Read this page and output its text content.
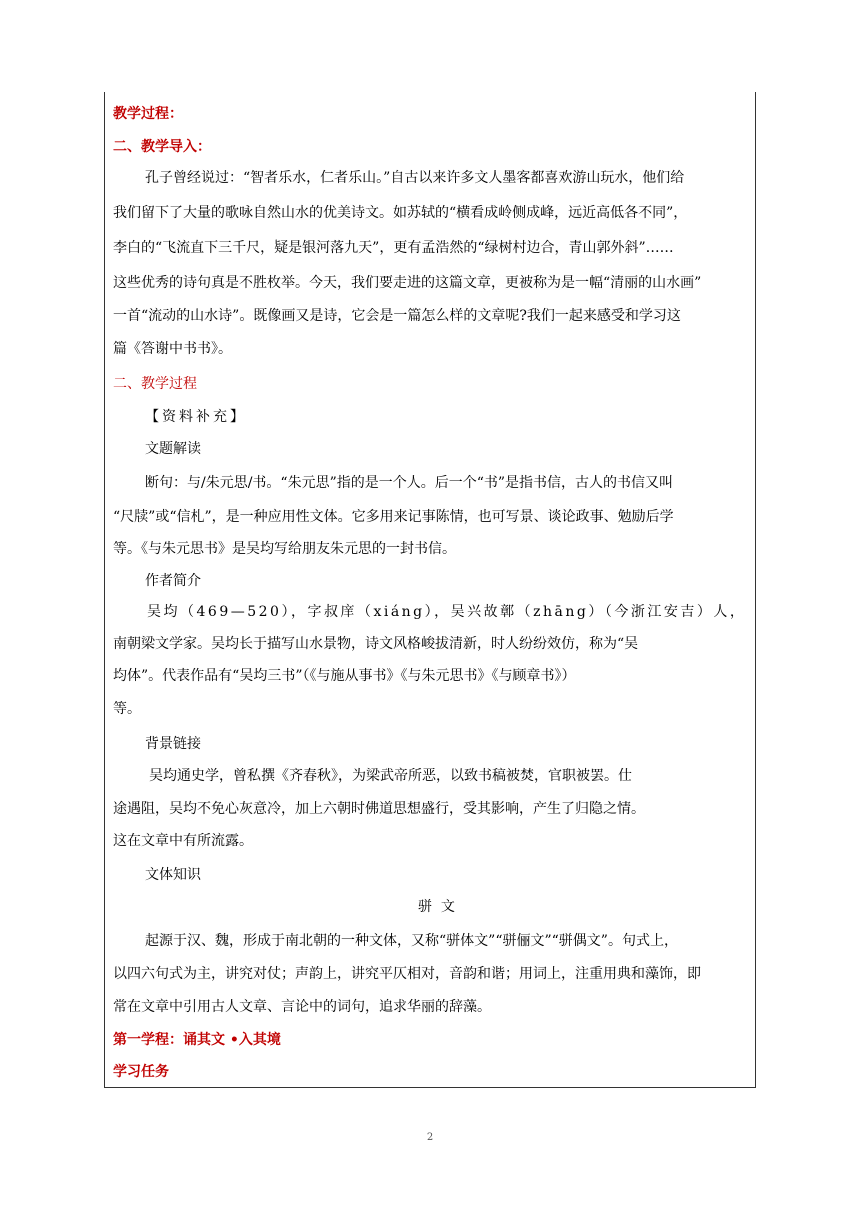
教学过程：
二、教学导入：
孔子曾经说过：“智者乐水，仁者乐山。”自古以来许多文人墨客都喜欢游山玩水，他们给
我们留下了大量的歌咏自然山水的优美诗文。如苏轼的“横看成岭侧成峰，远近高低各不同”，
李白的“飞流直下三千尺，疑是银河落九天”，更有孟浩然的“绿树村边合，青山郭外斜”……
这些优秀的诗句真是不胜枚举。今天，我们要走进的这篇文章，更被称为是一幅“清丽的山水画”
一首“流动的山水诗”。既像画又是诗，它会是一篇怎么样的文章呢?我们一起来感受和学习这
篇《答谢中书书》。
二、教学过程
【资料补充】
文题解读
断句：与/朱元思/书。“朱元思”指的是一个人。后一个“书”是指书信，古人的书信又叫
“尺牍”或“信札”，是一种应用性文体。它多用来记事陈情，也可写景、谈论政事、勉励后学
等。《与朱元思书》是吴均写给朋友朱元思的一封书信。
作者简介
吴均（469—520），字叔庠（xiáng），吴兴故鄣（zhāng）（今浙江安吉）人，
南朝梁文学家。吴均长于描写山水景物，诗文风格峻拔清新，时人纷纷效仿，称为“吴
均体”。代表作品有“吴均三书”（《与施从事书》《与朱元思书》《与顾章书》）
等。
背景链接
吴均通史学，曾私撰《齐春秋》，为梁武帝所恶，以致书稿被焚，官职被罢。仕
途遇阻，吴均不免心灰意冷，加上六朝时佛道思想盛行，受其影响，产生了归隐之情。
这在文章中有所流露。
文体知识
骈  文
起源于汉、魏，形成于南北朝的一种文体，又称“骈体文”“骈俪文”“骈偶文”。句式上，
以四六句式为主，讲究对仗；声韵上，讲究平仄相对，音韵和谐；用词上，注重用典和藻饰，即
常在文章中引用古人文章、言论中的词句，追求华丽的辞藻。
第一学程：诵其文 •入其境
学习任务
2
